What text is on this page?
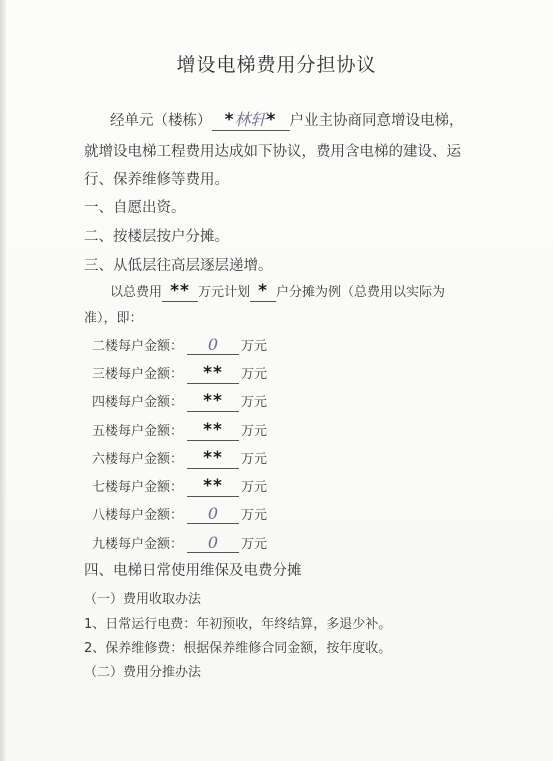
增设电梯费用分担协议
经单元（楼栋） *林轩* 户业主协商同意增设电梯，
就增设电梯工程费用达成如下协议，费用含电梯的建设、运
行、保养维修等费用。
一、自愿出资。
二、按楼层按户分摊。
三、从低层往高层逐层递增。
以总费用 ** 万元计划 * 户分摊为例（总费用以实际为
准），即：
二楼每户金额： 0 万元
三楼每户金额： ** 万元
四楼每户金额： ** 万元
五楼每户金额： ** 万元
六楼每户金额： ** 万元
七楼每户金额： ** 万元
八楼每户金额： 0 万元
九楼每户金额： 0 万元
四、电梯日常使用维保及电费分摊
（一）费用收取办法
1、日常运行电费：年初预收，年终结算，多退少补。
2、保养维修费：根据保养维修合同金额，按年度收。
（二）费用分推办法
